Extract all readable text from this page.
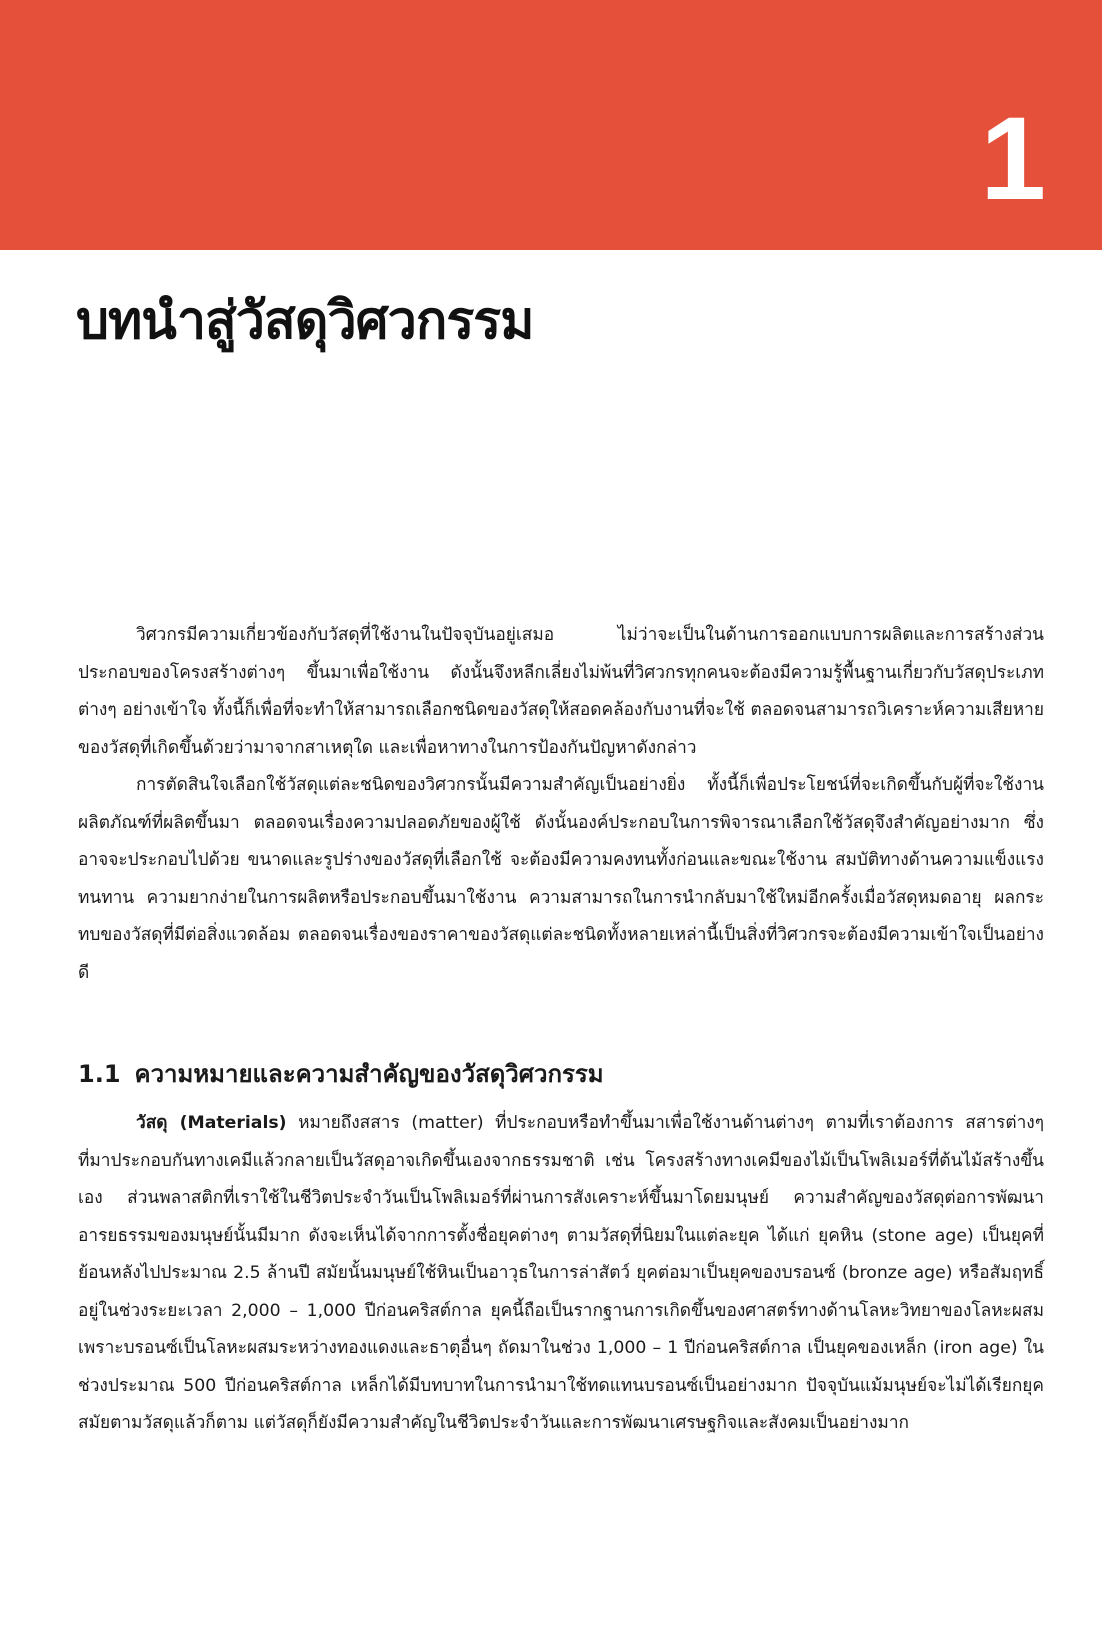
1
บทนำสู่วัสดุวิศวกรรม

วิศวกรมีความเกี่ยวข้องกับวัสดุที่ใช้งานในปัจจุบันอยู่เสมอ ไม่ว่าจะเป็นในด้านการออกแบบการผลิตและการสร้างส่วนประกอบของโครงสร้างต่างๆ ขึ้นมาเพื่อใช้งาน ดังนั้นจึงหลีกเลี่ยงไม่พ้นที่วิศวกรทุกคนจะต้องมีความรู้พื้นฐานเกี่ยวกับวัสดุประเภทต่างๆ อย่างเข้าใจ ทั้งนี้ก็เพื่อที่จะทำให้สามารถเลือกชนิดของวัสดุให้สอดคล้องกับงานที่จะใช้ ตลอดจนสามารถวิเคราะห์ความเสียหายของวัสดุที่เกิดขึ้นด้วยว่ามาจากสาเหตุใด และเพื่อหาทางในการป้องกันปัญหาดังกล่าว

การตัดสินใจเลือกใช้วัสดุแต่ละชนิดของวิศวกรนั้นมีความสำคัญเป็นอย่างยิ่ง ทั้งนี้ก็เพื่อประโยชน์ที่จะเกิดขึ้นกับผู้ที่จะใช้งานผลิตภัณฑ์ที่ผลิตขึ้นมา ตลอดจนเรื่องความปลอดภัยของผู้ใช้ ดังนั้นองค์ประกอบในการพิจารณาเลือกใช้วัสดุจึงสำคัญอย่างมาก ซึ่งอาจจะประกอบไปด้วย ขนาดและรูปร่างของวัสดุที่เลือกใช้ จะต้องมีความคงทนทั้งก่อนและขณะใช้งาน สมบัติทางด้านความแข็งแรงทนทาน ความยากง่ายในการผลิตหรือประกอบขึ้นมาใช้งาน ความสามารถในการนำกลับมาใช้ใหม่อีกครั้งเมื่อวัสดุหมดอายุ ผลกระทบของวัสดุที่มีต่อสิ่งแวดล้อม ตลอดจนเรื่องของราคาของวัสดุแต่ละชนิดทั้งหลายเหล่านี้เป็นสิ่งที่วิศวกรจะต้องมีความเข้าใจเป็นอย่างดี

1.1 ความหมายและความสำคัญของวัสดุวิศวกรรม

วัสดุ (Materials) หมายถึงสสาร (matter) ที่ประกอบหรือทำขึ้นมาเพื่อใช้งานด้านต่างๆ ตามที่เราต้องการ สสารต่างๆ ที่มาประกอบกันทางเคมีแล้วกลายเป็นวัสดุอาจเกิดขึ้นเองจากธรรมชาติ เช่น โครงสร้างทางเคมีของไม้เป็นโพลิเมอร์ที่ต้นไม้สร้างขึ้นเอง ส่วนพลาสติกที่เราใช้ในชีวิตประจำวันเป็นโพลิเมอร์ที่ผ่านการสังเคราะห์ขึ้นมาโดยมนุษย์ ความสำคัญของวัสดุต่อการพัฒนาอารยธรรมของมนุษย์นั้นมีมาก ดังจะเห็นได้จากการตั้งชื่อยุคต่างๆ ตามวัสดุที่นิยมในแต่ละยุค ได้แก่ ยุคหิน (stone age) เป็นยุคที่ย้อนหลังไปประมาณ 2.5 ล้านปี สมัยนั้นมนุษย์ใช้หินเป็นอาวุธในการล่าสัตว์ ยุคต่อมาเป็นยุคของบรอนซ์ (bronze age) หรือสัมฤทธิ์ อยู่ในช่วงระยะเวลา 2,000 – 1,000 ปีก่อนคริสต์กาล ยุคนี้ถือเป็นรากฐานการเกิดขึ้นของศาสตร์ทางด้านโลหะวิทยาของโลหะผสม เพราะบรอนซ์เป็นโลหะผสมระหว่างทองแดงและธาตุอื่นๆ ถัดมาในช่วง 1,000 – 1 ปีก่อนคริสต์กาล เป็นยุคของเหล็ก (iron age) ในช่วงประมาณ 500 ปีก่อนคริสต์กาล เหล็กได้มีบทบาทในการนำมาใช้ทดแทนบรอนซ์เป็นอย่างมาก ปัจจุบันแม้มนุษย์จะไม่ได้เรียกยุคสมัยตามวัสดุแล้วก็ตาม แต่วัสดุก็ยังมีความสำคัญในชีวิตประจำวันและการพัฒนาเศรษฐกิจและสังคมเป็นอย่างมาก
